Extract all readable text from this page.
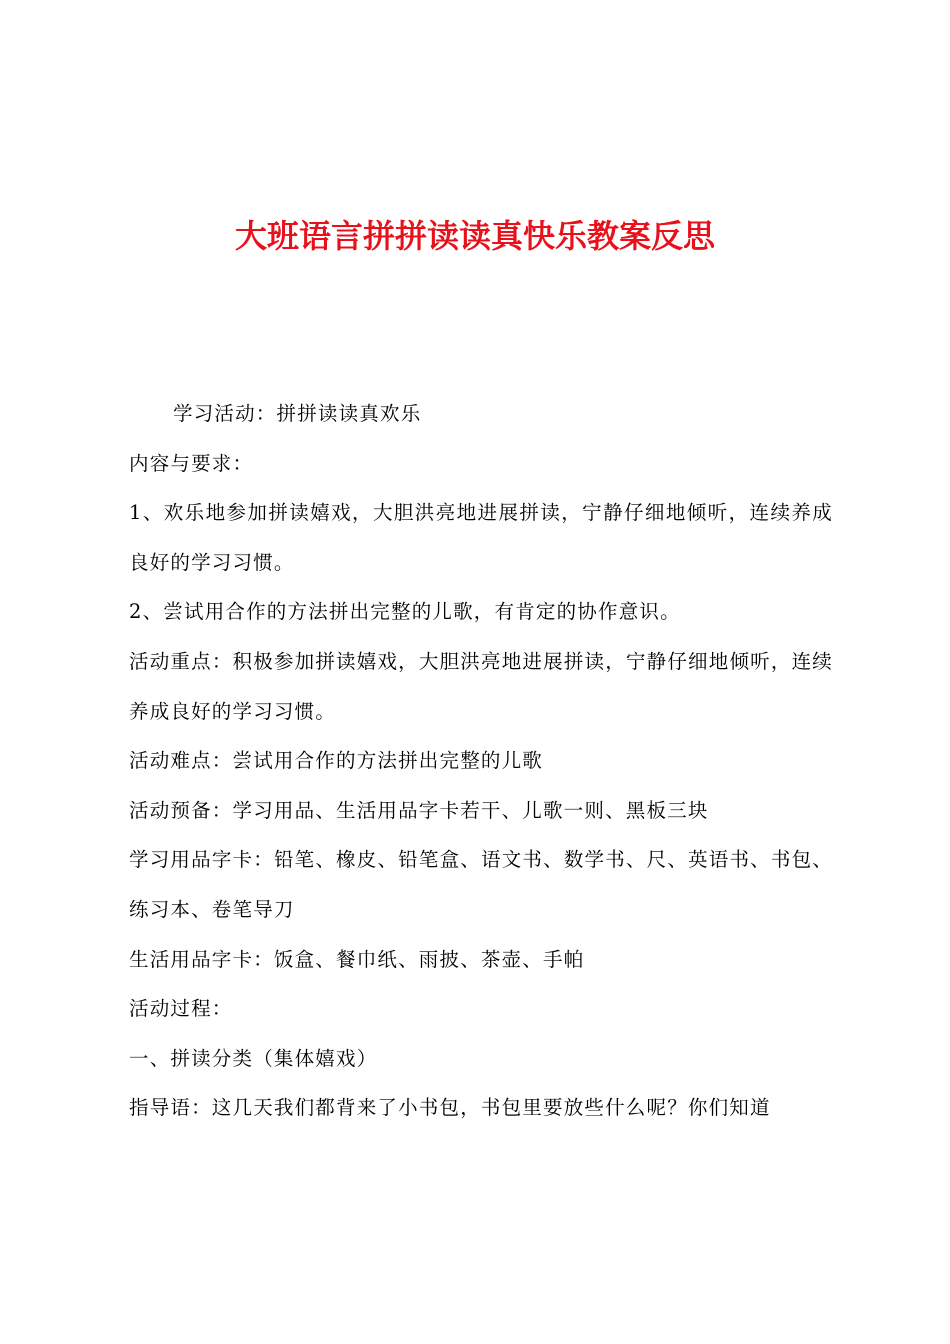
大班语言拼拼读读真快乐教案反思

学习活动：拼拼读读真欢乐

内容与要求：

1、欢乐地参加拼读嬉戏，大胆洪亮地进展拼读，宁静仔细地倾听，连续养成良好的学习习惯。

2、尝试用合作的方法拼出完整的儿歌，有肯定的协作意识。

活动重点：积极参加拼读嬉戏，大胆洪亮地进展拼读，宁静仔细地倾听，连续养成良好的学习习惯。

活动难点：尝试用合作的方法拼出完整的儿歌

活动预备：学习用品、生活用品字卡若干、儿歌一则、黑板三块

学习用品字卡：铅笔、橡皮、铅笔盒、语文书、数学书、尺、英语书、书包、练习本、卷笔导刀

生活用品字卡：饭盒、餐巾纸、雨披、茶壶、手帕

活动过程：

一、拼读分类（集体嬉戏）

指导语：这几天我们都背来了小书包，书包里要放些什么呢？你们知道
